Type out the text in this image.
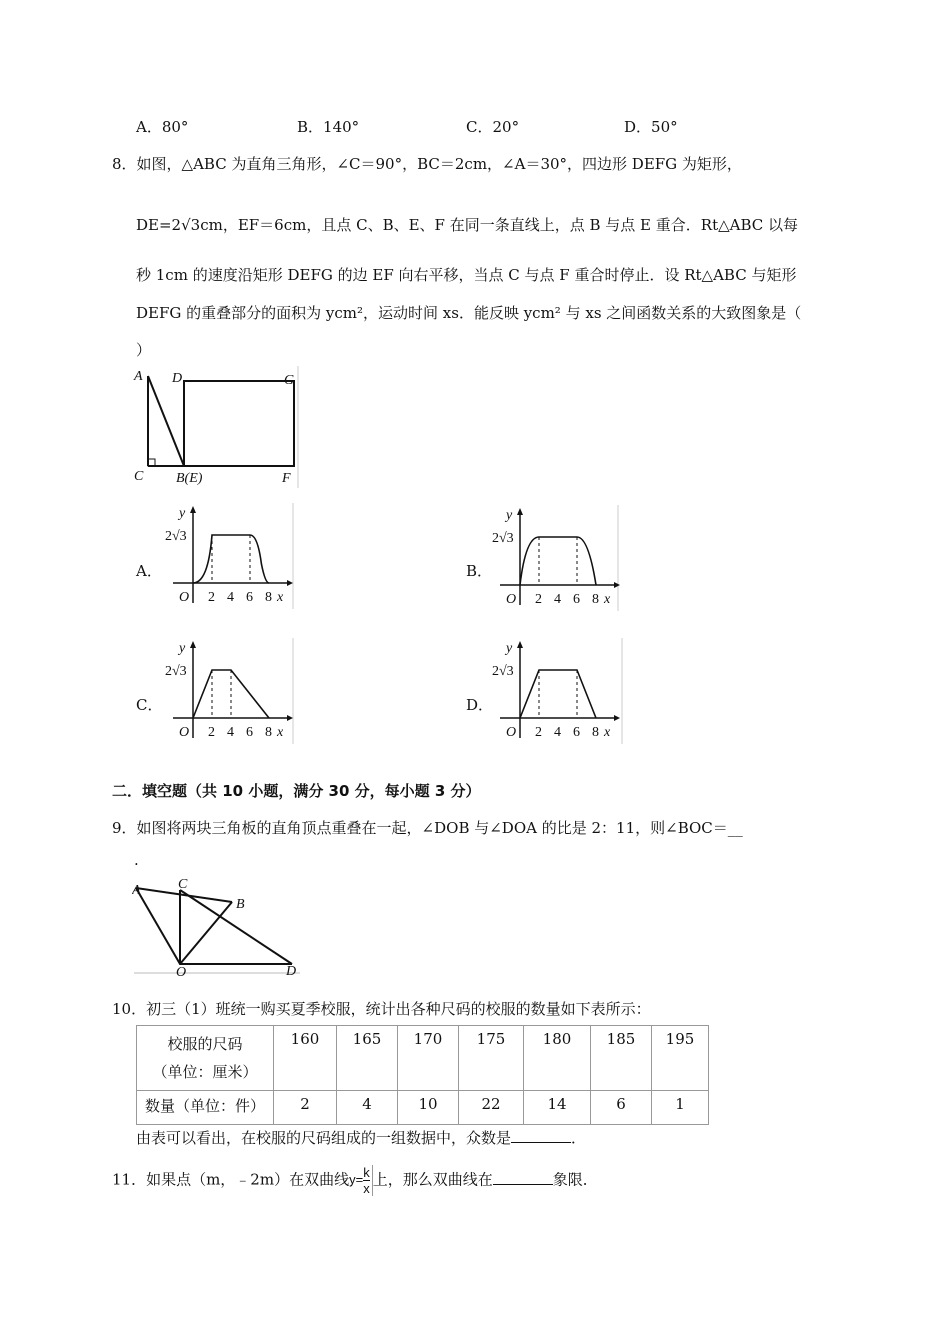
A．80°	B．140°	C．20°	D．50°
8．如图，△ABC 为直角三角形，∠C＝90°，BC＝2cm，∠A＝30°，四边形 DEFG 为矩形，
DE=2√3cm，EF＝6cm，且点 C、B、E、F 在同一条直线上，点 B 与点 E 重合．Rt△ABC 以每
秒 1cm 的速度沿矩形 DEFG 的边 EF 向右平移，当点 C 与点 F 重合时停止．设 Rt△ABC 与矩形
DEFG 的重叠部分的面积为 ycm²，运动时间 xs．能反映 ycm² 与 xs 之间函数关系的大致图象是（
）
A D	G
C B(E)	F
A．	B．
C．	D．
y
2√3
O 2 4 6 8 x
y
2√3
O 2 4 6 8 x
y
2√3
O 2 4 6 8 x
y
2√3
O 2 4 6 8 x
二．填空题（共 10 小题，满分 30 分，每小题 3 分）
9．如图将两块三角板的直角顶点重叠在一起，∠DOB 与∠DOA 的比是 2：11，则∠BOC＝__
.
A	C
B
O	D
10．初三（1）班统一购买夏季校服，统计出各种尺码的校服的数量如下表所示：
校服的尺码
（单位：厘米）	160	165	170	175	180	185	195
数量（单位：件）	2	4	10	22	14	6	1
由表可以看出，在校服的尺码组成的一组数据中，众数是	．
11．如果点（m，﹣2m）在双曲线$y= \frac{k}{x}$ 上，那么双曲线在	象限．
